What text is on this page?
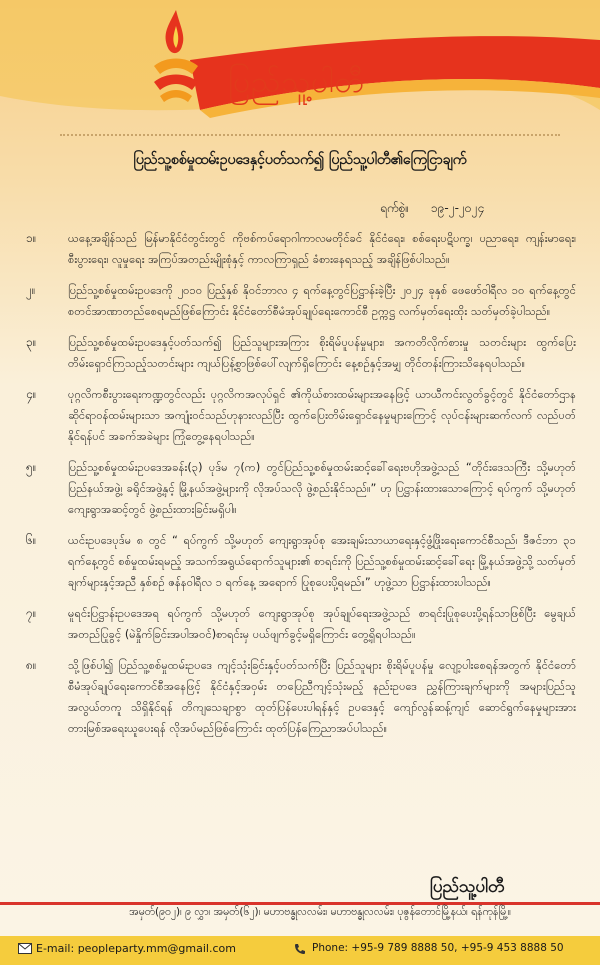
ပြည်သူ့ပါတီ
ပြည်သူ့စစ်မှုထမ်းဥပဒေနှင့်ပတ်သက်၍ ပြည်သူ့ပါတီ၏ကြေငြာချက်
ရက်စွဲ။ ၁၉-၂-၂၀၂၄
၁။	ယနေ့အချိန်သည် မြန်မာနိုင်ငံတွင်းတွင် ကိုဗစ်ကပ်ရောဂါကာလမတိုင်ခင် နိုင်ငံရေး၊ စစ်ရေးပဋိပက္ခ၊ ပညာရေး၊ ကျန်းမာရေး၊ စီးပွားရေး၊ လူမှုရေး အကြပ်အတည်းမျိုးစုံနှင့် ကာလကြာရှည် ခံစားနေရသည့် အချိန်ဖြစ်ပါသည်။
၂။	ပြည်သူ့စစ်မှုထမ်းဥပဒေကို ၂၀၁၀ ပြည့်နှစ် နိုဝင်ဘာလ ၄ ရက်နေ့တွင်ပြဋ္ဌာန်းခဲ့ပြီး ၂၀၂၄ ခုနှစ် ဖေဖော်ဝါရီလ ၁၀ ရက်နေ့တွင် စတင်အာဏာတည်စေရမည်ဖြစ်ကြောင်း နိုင်ငံတော်စီမံအုပ်ချုပ်ရေးကောင်စီ ဥက္ကဋ္ဌ လက်မှတ်ရေးထိုး သတ်မှတ်ခဲ့ပါသည်။
၃။	ပြည်သူ့စစ်မှုထမ်းဥပဒေနှင့်ပတ်သက်၍ ပြည်သူများအကြား စိုးရိမ်ပူပန်မှုများ၊ အကတိလိုက်စားမှု သတင်းများ ထွက်ပြေးတိမ်းရှောင်ကြသည့်သတင်းများ ကျယ်ပြန့်စွာဖြစ်ပေါ်လျက်ရှိကြောင်း နေ့စဉ်နှင့်အမျှ တိုင်တန်းကြားသိနေရပါသည်။
၄။	ပုဂ္ဂလိကစီးပွားရေးကဏ္ဍတွင်လည်း ပုဂ္ဂလိကအလုပ်ရှင် ၏ကိုယ်စားထမ်းများအနေဖြင့် ယာယီကင်းလွတ်ခွင့်တွင် နိုင်ငံတော်ဌာနဆိုင်ရာဝန်ထမ်းများသာ အကျုံးဝင်သည်ဟုနားလည်ပြီး ထွက်ပြေးတိမ်းရှောင်နေမှုများကြောင့် လုပ်ငန်းများဆက်လက် လည်ပတ်နိုင်ရန်ပင် အခက်အခဲများ ကြုံတွေ့နေရပါသည်။
၅။	ပြည်သူ့စစ်မှုထမ်းဥပဒေအခန်း(၃) ပုဒ်မ ၇(က) တွင်ပြည်သူ့စစ်မှုထမ်းဆင့်ခေါ်ရေးဗဟိုအဖွဲ့သည် “တိုင်းဒေသကြီး သို့မဟုတ် ပြည်နယ်အဖွဲ့၊ ခရိုင်အဖွဲ့နှင့် မြို့နယ်အဖွဲ့များကို လိုအပ်သလို ဖွဲ့စည်းနိုင်သည်။” ဟု ပြဋ္ဌာန်းထားသောကြောင့် ရပ်ကွက် သို့မဟုတ် ကျေးရွာအဆင့်တွင် ဖွဲ့စည်းထားခြင်းမရှိပါ။
၆။	ယင်းဥပဒေပုဒ်မ ၈ တွင် “ ရပ်ကွက် သို့မဟုတ် ကျေးရွာအုပ်စု အေးချမ်းသာယာရေးနှင့်ဖွံ့ဖြိုးရေးကောင်စီသည်၊ ဒီဇင်ဘာ ၃၁ ရက်နေ့တွင် စစ်မှုထမ်းရမည့် အသက်အရွယ်ရောက်သူများ၏ စာရင်းကို ပြည်သူ့စစ်မှုထမ်းဆင့်ခေါ်ရေး မြို့နယ်အဖွဲ့သို့ သတ်မှတ်ချက်များနှင့်အညီ နှစ်စဉ် ဇန်နဝါရီလ ၁ ရက်နေ့ အရောက် ပြုစုပေးပို့ရမည်။” ဟုဖွဲ့သာ ပြဋ္ဌာန်းထားပါသည်။
၇။	မူရင်းပြဋ္ဌာန်းဥပဒေအရ ရပ်ကွက် သို့မဟုတ် ကျေးရွာအုပ်စု အုပ်ချုပ်ရေးအဖွဲ့သည် စာရင်းပြုစုပေးပို့ရန်သာဖြစ်ပြီး မွေချယ်အတည်ပြုခွင့် (မဲနှိုက်ခြင်းအပါအဝင်)စာရင်းမှ ပယ်ဖျက်ခွင့်မရှိကြောင်း တွေ့ရှိရပါသည်။
၈။	သို့ဖြစ်ပါ၍ ပြည်သူ့စစ်မှုထမ်းဥပဒေ ကျင့်သုံးခြင်းနှင့်ပတ်သက်ပြီး ပြည်သူများ စိုးရိမ်ပူပန်မှု လျော့ပါးစေရန်အတွက် နိုင်ငံတော်စီမံအုပ်ချုပ်ရေးကောင်စီအနေဖြင့် နိုင်ငံနှင့်အဝှမ်း တပြေညီကျင့်သုံးမည့် နည်းဥပဒေ ညွှန်ကြားချက်များကို အများပြည်သူ အလွယ်တကူ သိရှိနိုင်ရန် တိကျသေချာစွာ ထုတ်ပြန်ပေးပါရန်နှင့် ဥပဒေနှင့် ကျော်လွန်ဆန့်ကျင် ဆောင်ရွက်နေမှုများအား တားမြစ်အရေးယူပေးရန် လိုအပ်မည်ဖြစ်ကြောင်း ထုတ်ပြန်ကြေညာအပ်ပါသည်။
ပြည်သူ့ပါတီ
အမှတ်(၉၀၂)၊ ၉ လွှာ၊ အမှတ်(၆၂)၊ မဟာဗန္ဓုလလမ်း၊ မဟာဗန္ဓုလလမ်း၊ ပုဇွန်တောင်မြို့နယ်၊ ရန်ကုန်မြို့။
E-mail: peopleparty.mm@gmail.com	Phone: +95-9 789 8888 50, +95-9 453 8888 50
